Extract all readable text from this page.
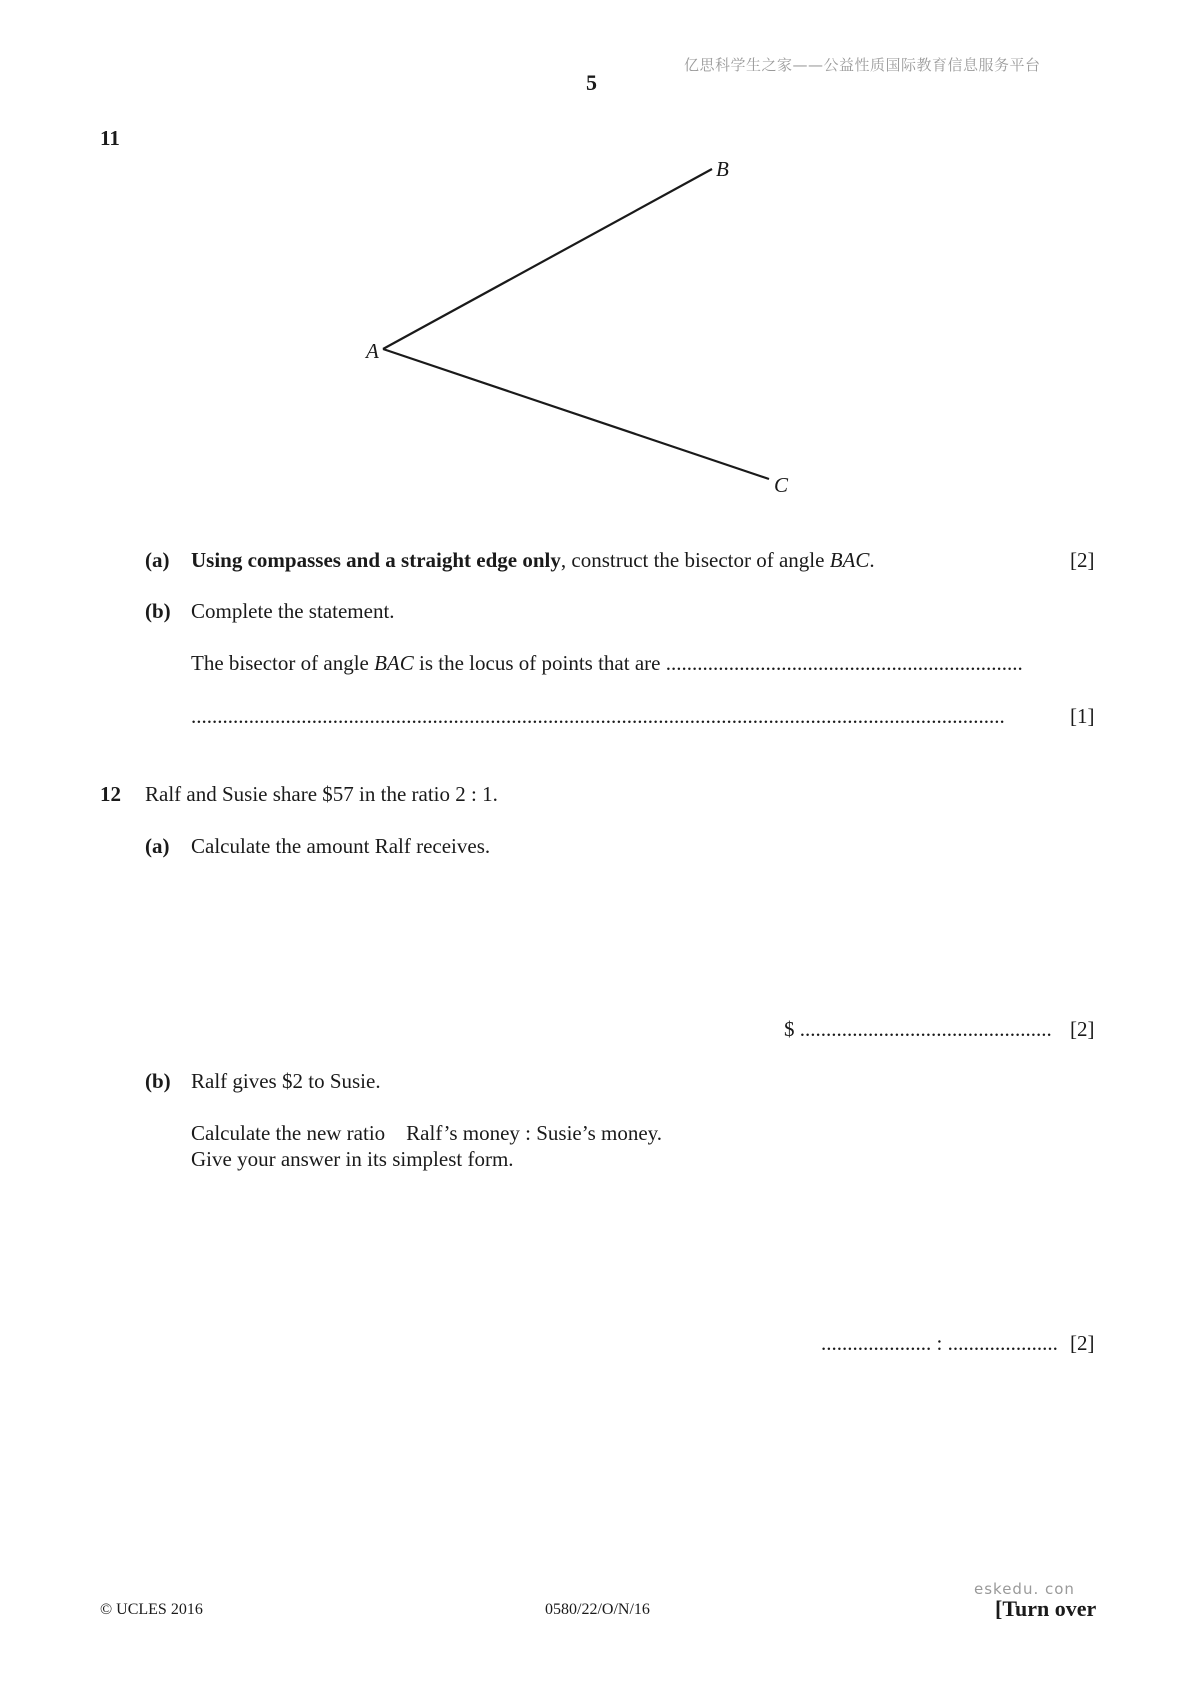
亿思科学生之家——公益性质国际教育信息服务平台
5
11
A
B
C
(a) Using compasses and a straight edge only, construct the bisector of angle BAC.	[2]
(b) Complete the statement.
The bisector of angle BAC is the locus of points that are ....................................................................
...........................................................................................................................................................	[1]
12 Ralf and Susie share $57 in the ratio 2 : 1.
(a) Calculate the amount Ralf receives.
$ ................................................ [2]
(b) Ralf gives $2 to Susie.
Calculate the new ratio    Ralf’s money : Susie’s money.
Give your answer in its simplest form.
..................... : ..................... [2]
eskedu. con
© UCLES 2016	0580/22/O/N/16	[Turn over
